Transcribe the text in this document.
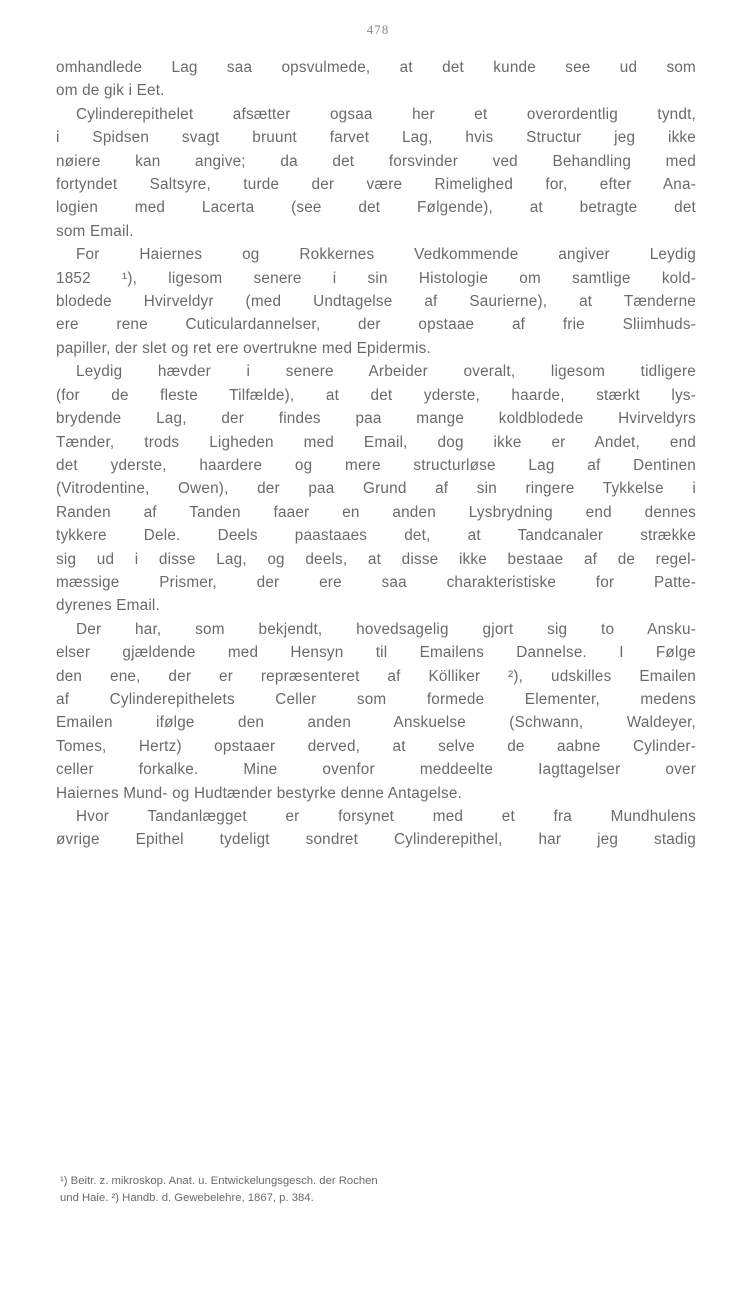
478
omhandlede Lag saa opsvulmede, at det kunde see ud som
om de gik i Eet.
Cylinderepithelet afsætter ogsaa her et overordentlig tyndt,
i Spidsen svagt bruunt farvet Lag, hvis Structur jeg ikke
nøiere kan angive; da det forsvinder ved Behandling med
fortyndet Saltsyre, turde der være Rimelighed for, efter Ana-
logien med Lacerta (see det Følgende), at betragte det
som Email.
For Haiernes og Rokkernes Vedkommende angiver Leydig
1852 ¹), ligesom senere i sin Histologie om samtlige kold-
blodede Hvirveldyr (med Undtagelse af Saurierne), at Tænderne
ere rene Cuticulardannelser, der opstaae af frie Sliimhuds-
papiller, der slet og ret ere overtrukne med Epidermis.
Leydig hævder i senere Arbeider overalt, ligesom tidligere
(for de fleste Tilfælde), at det yderste, haarde, stærkt lys-
brydende Lag, der findes paa mange koldblodede Hvirveldyrs
Tænder, trods Ligheden med Email, dog ikke er Andet, end
det yderste, haardere og mere structurløse Lag af Dentinen
(Vitrodentine, Owen), der paa Grund af sin ringere Tykkelse i
Randen af Tanden faaer en anden Lysbrydning end dennes
tykkere Dele. Deels paastaaes det, at Tandcanaler strække
sig ud i disse Lag, og deels, at disse ikke bestaae af de regel-
mæssige Prismer, der ere saa charakteristiske for Patte-
dyrenes Email.
Der har, som bekjendt, hovedsagelig gjort sig to Ansku-
elser gjældende med Hensyn til Emailens Dannelse. I Følge
den ene, der er repræsenteret af Kölliker ²), udskilles Emailen
af Cylinderepithelets Celler som formede Elementer, medens
Emailen ifølge den anden Anskuelse (Schwann, Waldeyer,
Tomes, Hertz) opstaaer derved, at selve de aabne Cylinder-
celler forkalke. Mine ovenfor meddeelte Iagttagelser over
Haiernes Mund- og Hudtænder bestyrke denne Antagelse.
Hvor Tandanlægget er forsynet med et fra Mundhulens
øvrige Epithel tydeligt sondret Cylinderepithel, har jeg stadig
¹) Beitr. z. mikroskop. Anat. u. Entwickelungsgesch. der Rochen
und Haie. ²) Handb. d. Gewebelehre, 1867, p. 384.
